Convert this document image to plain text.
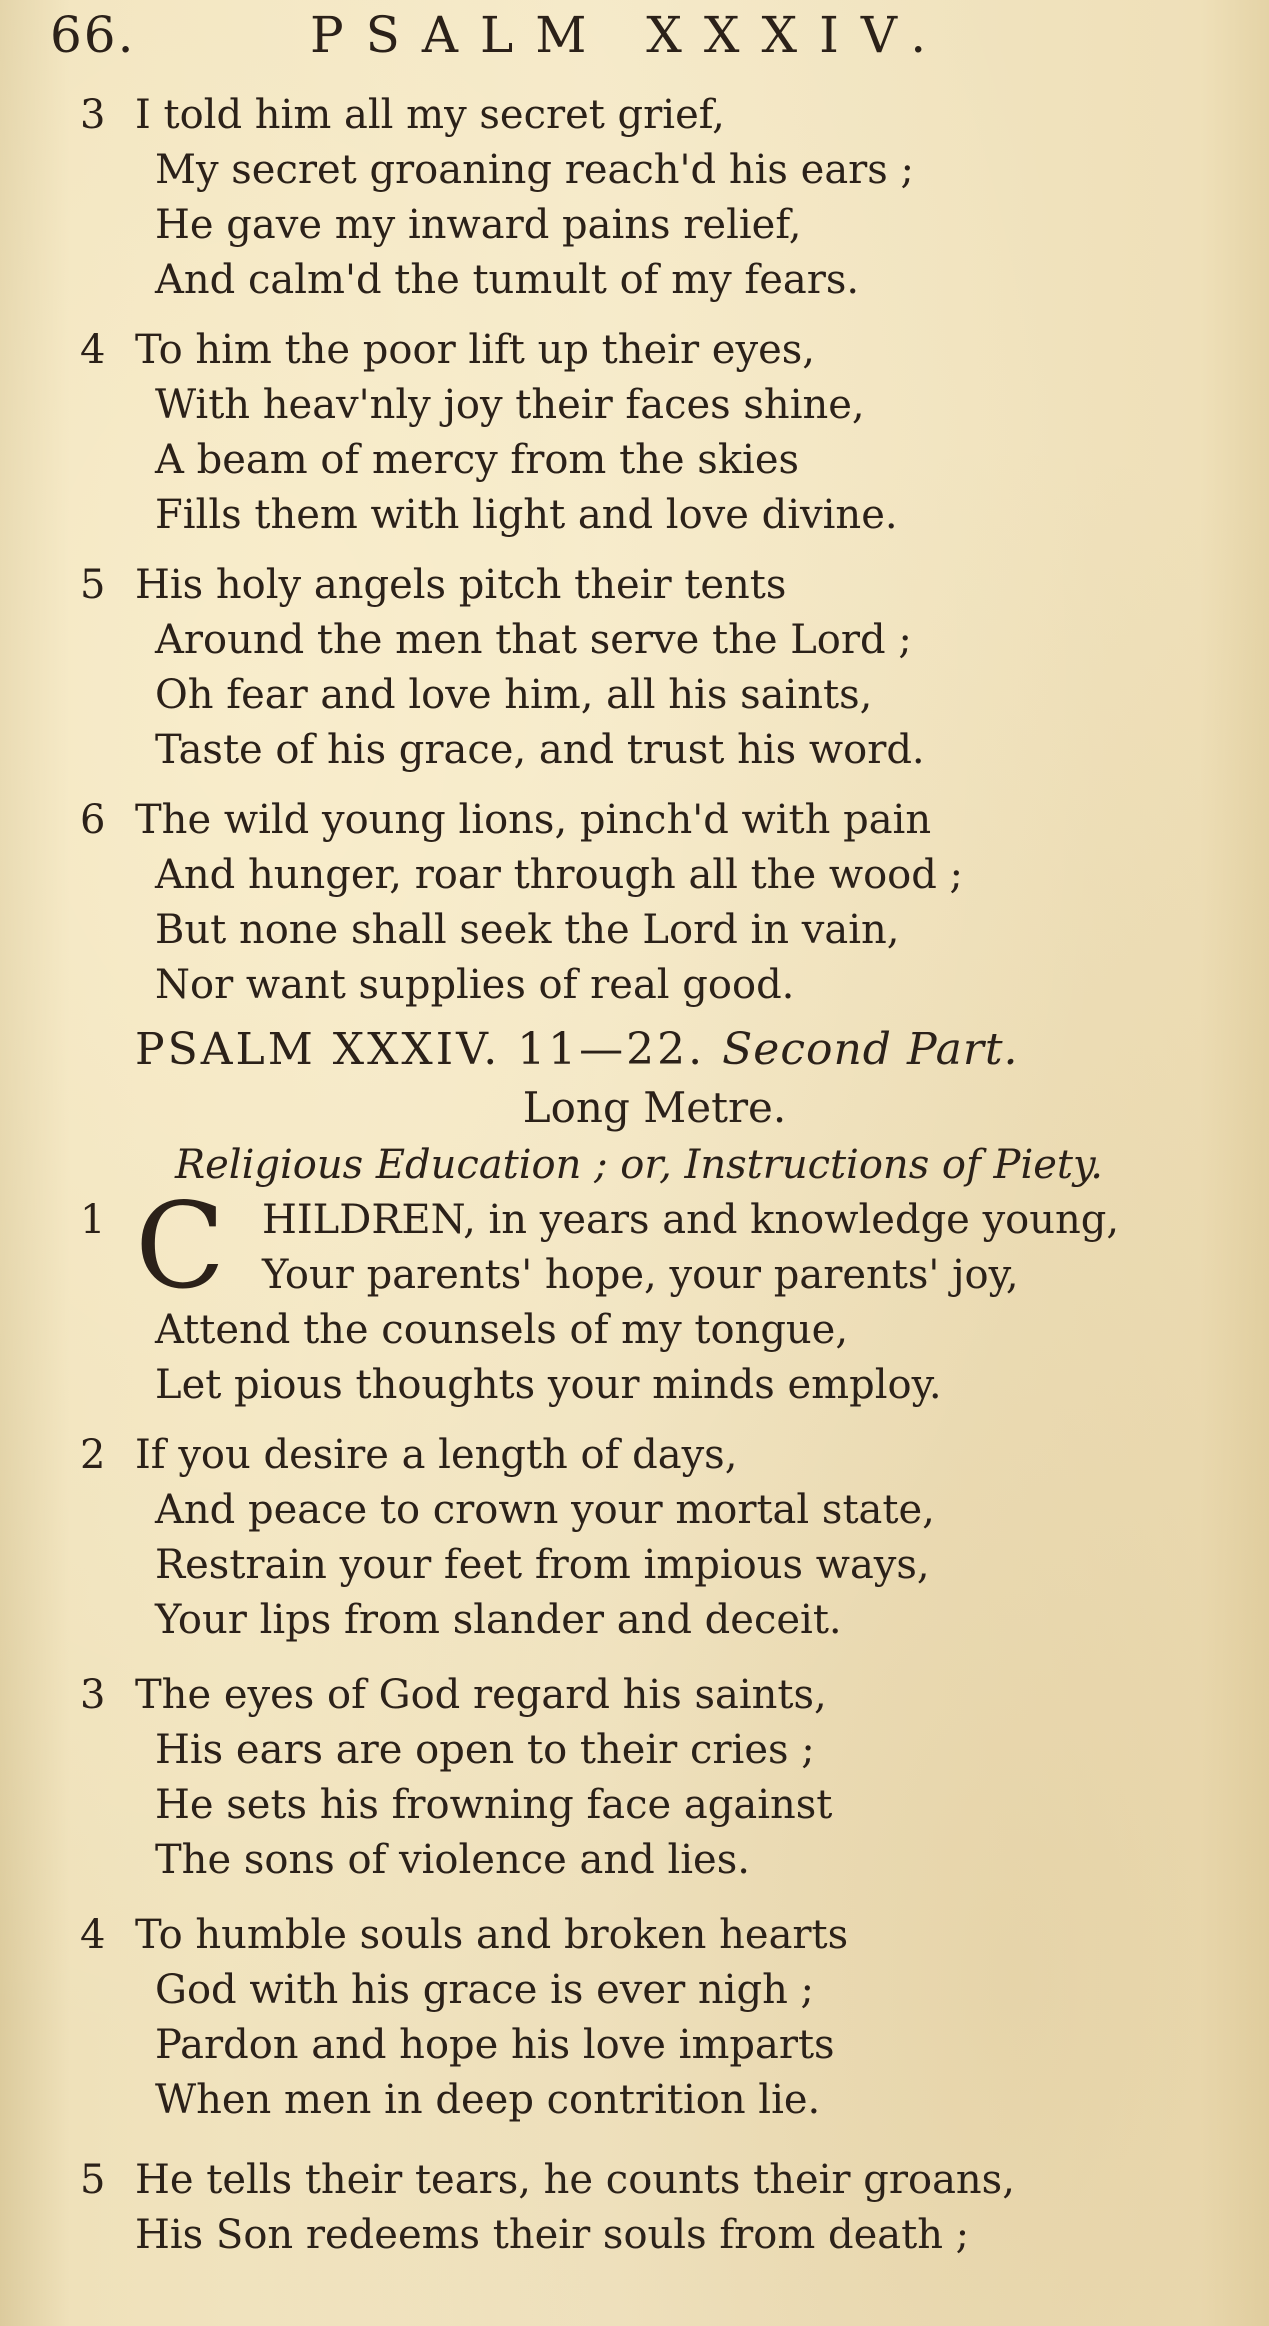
66.	PSALM XXXIV.
3 I told him all my secret grief,
My secret groaning reach'd his ears ;
He gave my inward pains relief,
And calm'd the tumult of my fears.
4 To him the poor lift up their eyes,
With heav'nly joy their faces shine,
A beam of mercy from the skies
Fills them with light and love divine.
5 His holy angels pitch their tents
Around the men that serve the Lord ;
Oh fear and love him, all his saints,
Taste of his grace, and trust his word.
6 The wild young lions, pinch'd with pain
And hunger, roar through all the wood ;
But none shall seek the Lord in vain,
Nor want supplies of real good.
PSALM XXXIV. 11—22. Second Part.
Long Metre.
Religious Education ; or, Instructions of Piety.
1 C HILDREN, in years and knowledge young,
Your parents' hope, your parents' joy,
Attend the counsels of my tongue,
Let pious thoughts your minds employ.
2 If you desire a length of days,
And peace to crown your mortal state,
Restrain your feet from impious ways,
Your lips from slander and deceit.
3 The eyes of God regard his saints,
His ears are open to their cries ;
He sets his frowning face against
The sons of violence and lies.
4 To humble souls and broken hearts
God with his grace is ever nigh ;
Pardon and hope his love imparts
When men in deep contrition lie.
5 He tells their tears, he counts their groans,
His Son redeems their souls from death ;
